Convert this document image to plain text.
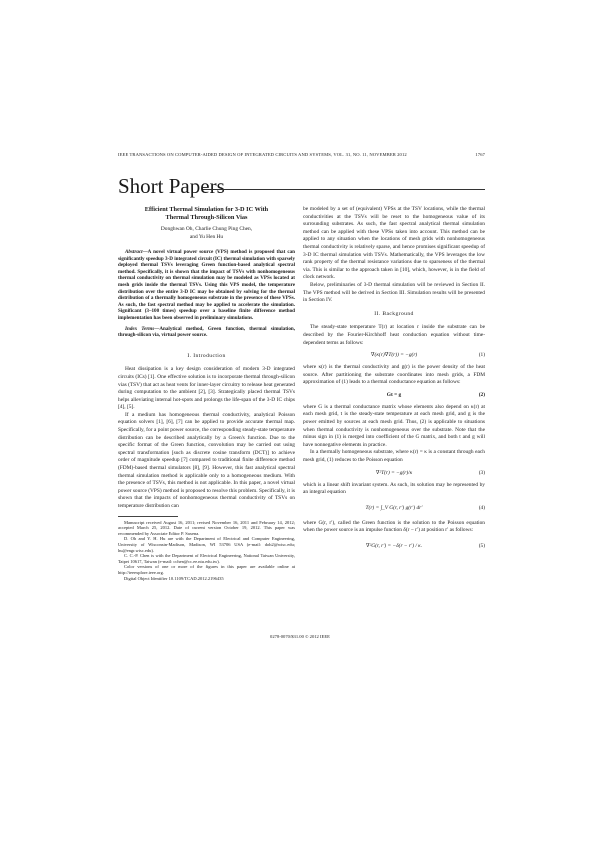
IEEE TRANSACTIONS ON COMPUTER-AIDED DESIGN OF INTEGRATED CIRCUITS AND SYSTEMS, VOL. 31, NO. 11, NOVEMBER 2012	1767
Short Papers
Efficient Thermal Simulation for 3-D IC With
Thermal Through-Silicon Vias
Donghwan Oh, Charlie Chung Ping Chen,
and Yu Hen Hu
Abstract—A novel virtual power source (VPS) method is proposed that can significantly speedup 3-D integrated circuit (IC) thermal simulation with sparsely deployed thermal TSVs leveraging Green function-based analytical spectral method. Specifically, it is shown that the impact of TSVs with nonhomogeneous thermal conductivity on thermal simulation may be modeled as VPSs located at mesh grids inside the thermal TSVs. Using this VPS model, the temperature distribution over the entire 3-D IC may be obtained by solving for the thermal distribution of a thermally homogeneous substrate in the presence of these VPSs. As such, the fast spectral method may be applied to accelerate the simulation. Significant (3–100 times) speedup over a baseline finite difference method implementation has been observed in preliminary simulations.
Index Terms—Analytical method, Green function, thermal simulation, through-silicon via, virtual power source.
I. Introduction

Heat dissipation is a key design consideration of modern 3-D integrated circuits (ICs) [1]. One effective solution is to incorporate thermal through-silicon vias (TSV) that act as heat vents for inner-layer circuitry to release heat generated during computation to the ambient [2], [3]. Strategically placed thermal TSVs helps alleviating internal hot-spots and prolongs the life-span of the 3-D IC chips [4], [5].

If a medium has homogeneous thermal conductivity, analytical Poisson equation solvers [1], [6], [7] can be applied to provide accurate thermal map. Specifically, for a point power source, the corresponding steady-state temperature distribution can be described analytically by a Green's function. Due to the specific format of the Green function, convolution may be carried out using spectral transformation [such as discrete cosine transform (DCT)] to achieve order of magnitude speedup [7] compared to traditional finite difference method (FDM)-based thermal simulators [8], [9]. However, this fast analytical spectral thermal simulation method is applicable only to a homogeneous medium. With the presence of TSVs, this method is not applicable. In this paper, a novel virtual power source (VPS) method is proposed to resolve this problem. Specifically, it is shown that the impacts of nonhomogeneous thermal conductivity of TSVs on temperature distribution can

Manuscript received August 16, 2011; revised November 16, 2011 and February 14, 2012; accepted March 25, 2012. Date of current version October 19, 2012. This paper was recommended by Associate Editor P. Saxena.

D. Oh and Y. H. Hu are with the Department of Electrical and Computer Engineering, University of Wisconsin-Madison, Madison, WI 53706 USA (e-mail: doh2@wisc.edu; hu@engr.wisc.edu).

C. C.-P. Chen is with the Department of Electrical Engineering, National Taiwan University, Taipei 10617, Taiwan (e-mail: cchen@cc.ee.ntu.edu.tw).

Color versions of one or more of the figures in this paper are available online at http://ieeexplore.ieee.org.

Digital Object Identifier 10.1109/TCAD.2012.2196435

be modeled by a set of (equivalent) VPSs at the TSV locations, while the thermal conductivities at the TSVs will be reset to the homogeneous value of its surrounding substrates. As such, the fast spectral analytical thermal simulation method can be applied with these VPSs taken into account. This method can be applied to any situation when the locations of mesh grids with nonhomogeneous thermal conductivity is relatively sparse, and hence promises significant speedup of 3-D IC thermal simulation with TSVs. Mathematically, the VPS leverages the low rank property of the thermal resistance variations due to sparseness of the thermal via. This is similar to the approach taken in [10], which, however, is in the field of clock network.

Below, preliminaries of 3-D thermal simulation will be reviewed in Section II. The VPS method will be derived in Section III. Simulation results will be presented in Section IV.

II. Background

The steady-state temperature T(r) at location r inside the substrate can be described by the Fourier-Kirchhoff heat conduction equation without time-dependent terms as follows:

∇(κ(r)∇T(r)) = −g(r)	(1)

where κ(r) is the thermal conductivity and g(r) is the power density of the heat source. After partitioning the substrate coordinates into mesh grids, a FDM approximation of (1) leads to a thermal conductance equation as follows:

Gt = g	(2)

where G is a thermal conductance matrix whose elements also depend on κ(r) at each mesh grid, t is the steady-state temperature at each mesh grid, and g is the power emitted by sources at each mesh grid. Thus, (2) is applicable to situations when thermal conductivity is nonhomogeneous over the substrate. Note that the minus sign in (1) is merged into coefficient of the G matrix, and both t and g will have nonnegative elements in practice.

In a thermally homogeneous substrate, where κ(r) = κ is a constant through each mesh grid, (1) reduces to the Poisson equation

∇²T(r) = −g(r)/κ	(3)

which is a linear shift invariant system. As such, its solution may be represented by an integral equation

T(r) = ∫_V G(r, r′) g(r′) dr′	(4)

where G(r, r′), called the Green function is the solution to the Poisson equation when the power source is an impulse function δ(r − r′) at position r′ as follows:

∇²G(r, r′) = −δ(r − r′) / κ.	(5)
0278-0070/$31.00 © 2012 IEEE
